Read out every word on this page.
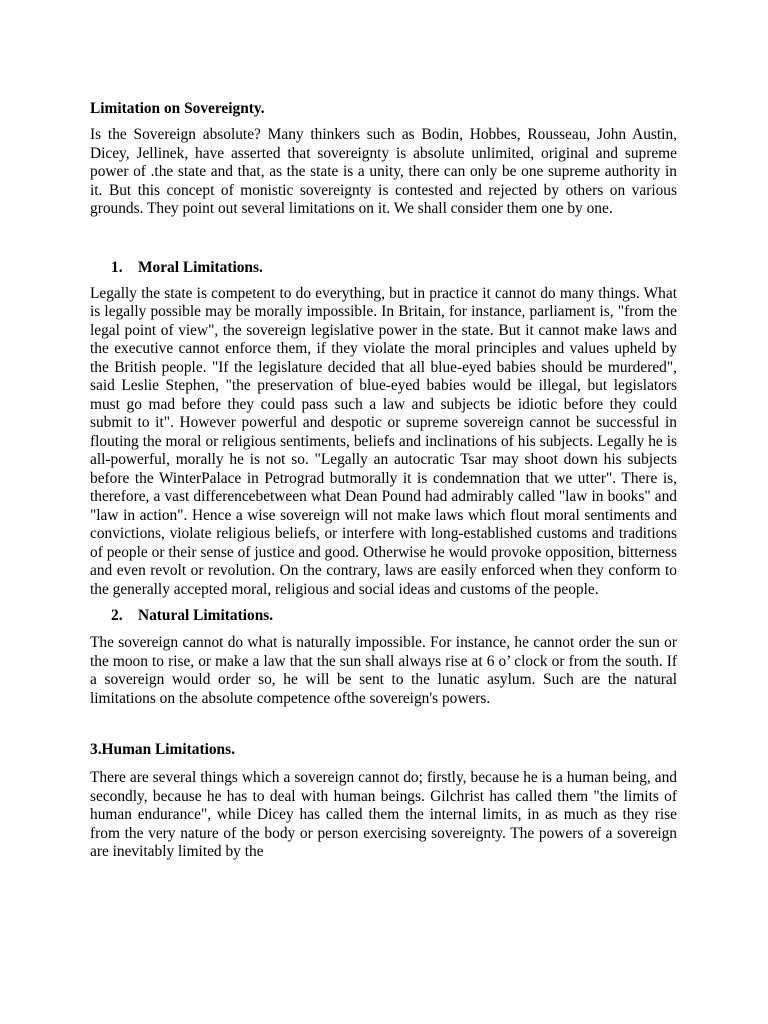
Limitation on Sovereignty.

Is the Sovereign absolute? Many thinkers such as Bodin, Hobbes, Rousseau, John Austin, Dicey, Jellinek, have asserted that sovereignty is absolute unlimited, original and supreme power of .the state and that, as the state is a unity, there can only be one supreme authority in it. But this concept of monistic sovereignty is contested and rejected by others on various grounds. They point out several limitations on it. We shall consider them one by one.

1. Moral Limitations.

Legally the state is competent to do everything, but in practice it cannot do many things. What is legally possible may be morally impossible. In Britain, for instance, parliament is, "from the legal point of view", the sovereign legislative power in the state. But it cannot make laws and the executive cannot enforce them, if they violate the moral principles and values upheld by the British people. "If the legislature decided that all blue-eyed babies should be murdered", said Leslie Stephen, "the preservation of blue-eyed babies would be illegal, but legislators must go mad before they could pass such a law and subjects be idiotic before they could submit to it". However powerful and despotic or supreme sovereign cannot be successful in flouting the moral or religious sentiments, beliefs and inclinations of his subjects. Legally he is all-powerful, morally he is not so. "Legally an autocratic Tsar may shoot down his subjects before the WinterPalace in Petrograd butmorally it is condemnation that we utter". There is, therefore, a vast differencebetween what Dean Pound had admirably called "law in books" and "law in action". Hence a wise sovereign will not make laws which flout moral sentiments and convictions, violate religious beliefs, or interfere with long-established customs and traditions of people or their sense of justice and good. Otherwise he would provoke opposition, bitterness and even revolt or revolution. On the contrary, laws are easily enforced when they conform to the generally accepted moral, religious and social ideas and customs of the people.

2. Natural Limitations.

The sovereign cannot do what is naturally impossible. For instance, he cannot order the sun or the moon to rise, or make a law that the sun shall always rise at 6 o’ clock or from the south. If a sovereign would order so, he will be sent to the lunatic asylum. Such are the natural limitations on the absolute competence ofthe sovereign's powers.

3.Human Limitations.

There are several things which a sovereign cannot do; firstly, because he is a human being, and secondly, because he has to deal with human beings. Gilchrist has called them "the limits of human endurance", while Dicey has called them the internal limits, in as much as they rise from the very nature of the body or person exercising sovereignty. The powers of a sovereign are inevitably limited by the
